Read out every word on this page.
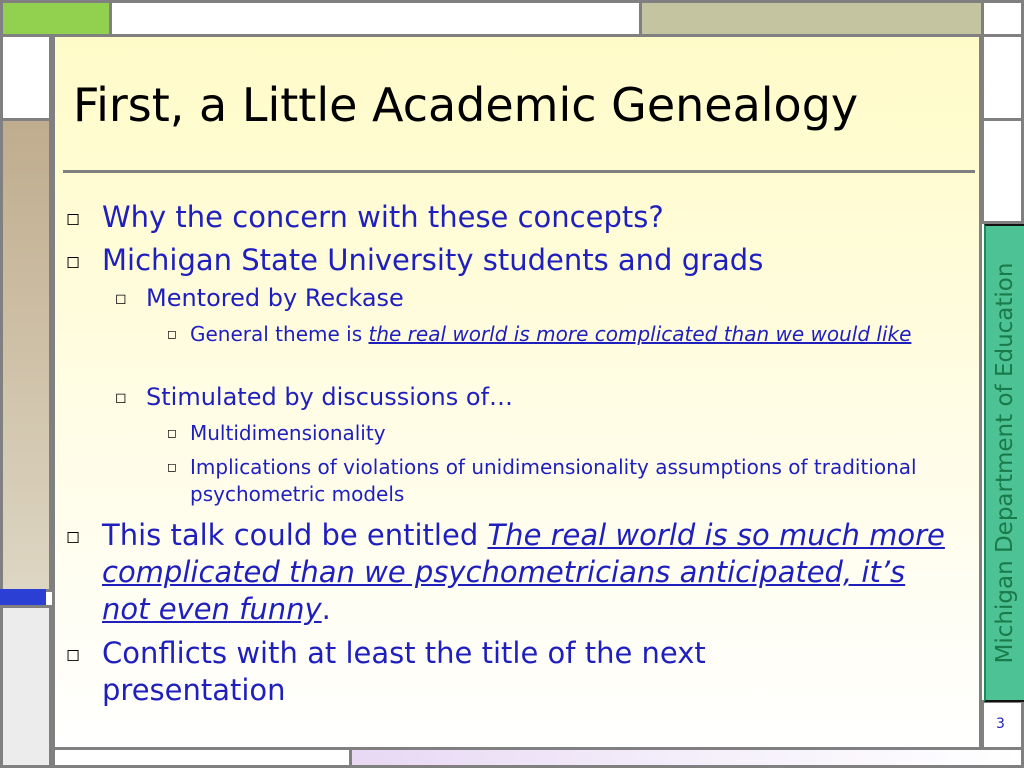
First, a Little Academic Genealogy
◻ Why the concern with these concepts?
◻ Michigan State University students and grads
◻ Mentored by Reckase
◻ General theme is the real world is more complicated than we would like
◻ Stimulated by discussions of…
◻ Multidimensionality
◻ Implications of violations of unidimensionality assumptions of traditional psychometric models
◻ This talk could be entitled The real world is so much more complicated than we psychometricians anticipated, it’s not even funny.
◻ Conflicts with at least the title of the next presentation
Michigan Department of Education
3
